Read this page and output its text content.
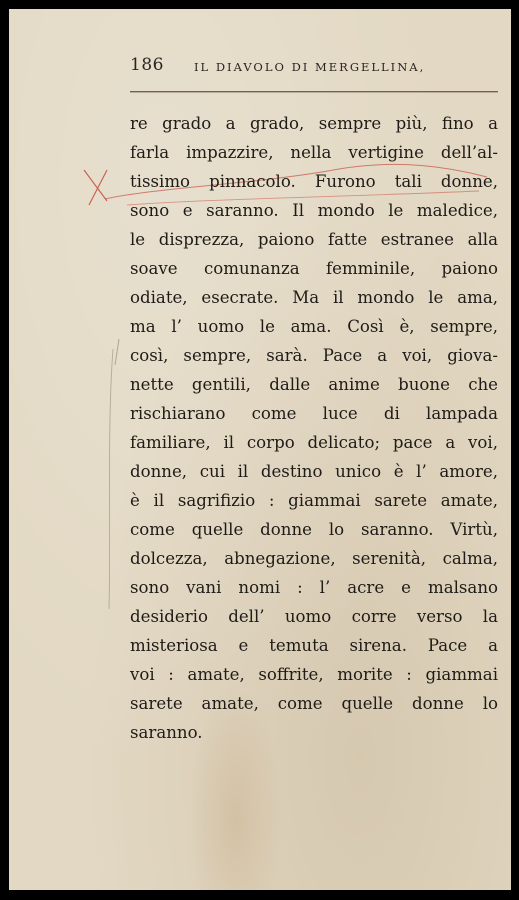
186	IL DIAVOLO DI MERGELLINA,
re grado a grado, sempre più, fino a
farla impazzire, nella vertigine dell’al-
tissimo pinnacolo. Furono tali donne,
sono e saranno. Il mondo le maledice,
le disprezza, paiono fatte estranee alla
soave comunanza femminile, paiono
odiate, esecrate. Ma il mondo le ama,
ma l’ uomo le ama. Così è, sempre,
così, sempre, sarà. Pace a voi, giova-
nette gentili, dalle anime buone che
rischiarano come luce di lampada
familiare, il corpo delicato; pace a voi,
donne, cui il destino unico è l’ amore,
è il sagrifizio : giammai sarete amate,
come quelle donne lo saranno. Virtù,
dolcezza, abnegazione, serenità, calma,
sono vani nomi : l’ acre e malsano
desiderio dell’ uomo corre verso la
misteriosa e temuta sirena. Pace a
voi : amate, soffrite, morite : giammai
sarete amate, come quelle donne lo
saranno.
